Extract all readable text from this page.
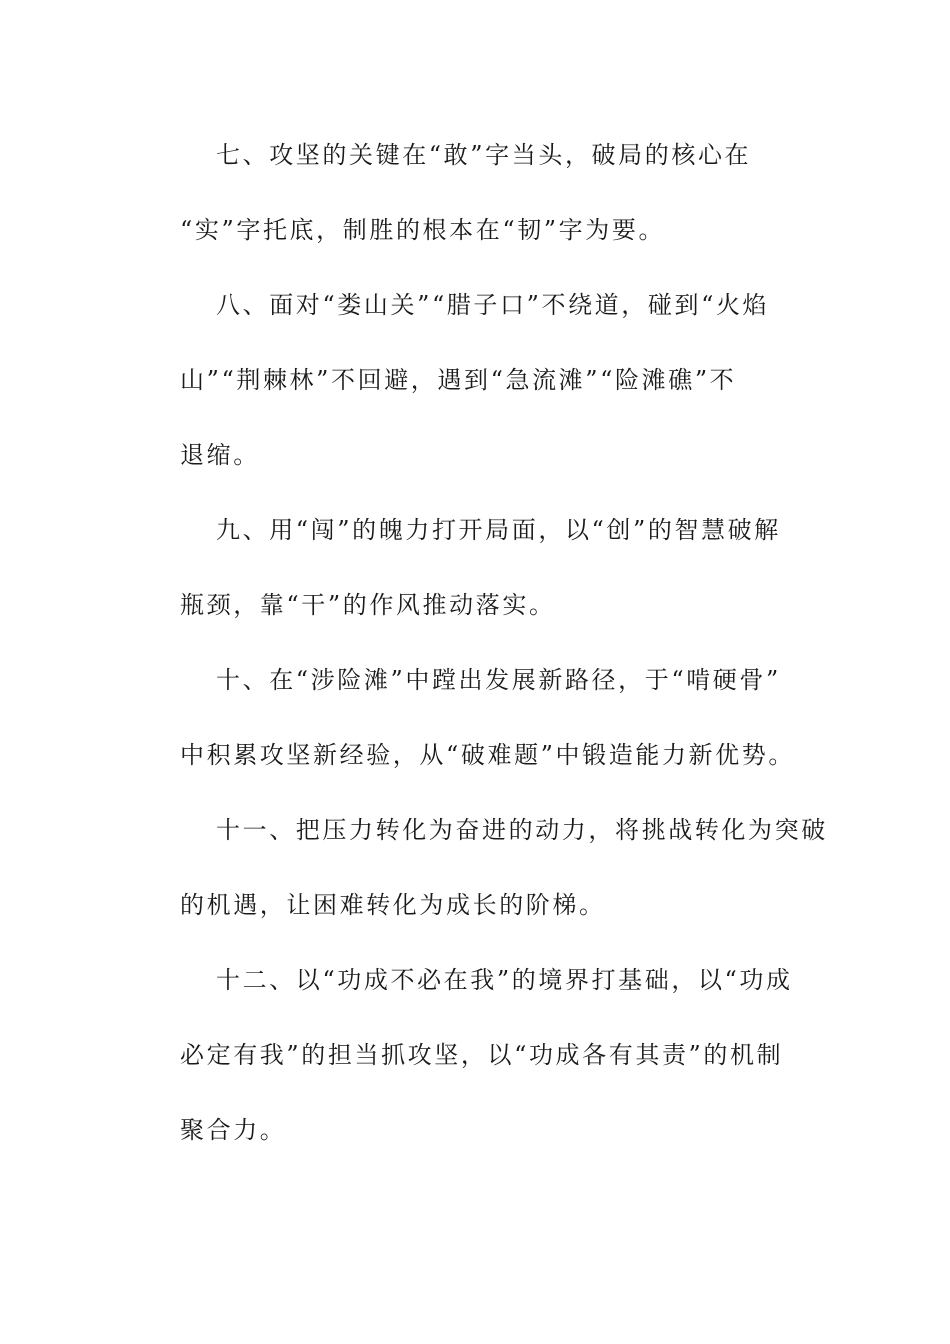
七、攻坚的关键在“敢”字当头，破局的核心在
“实”字托底，制胜的根本在“韧”字为要。
八、面对“娄山关”“腊子口”不绕道，碰到“火焰
山”“荆棘林”不回避，遇到“急流滩”“险滩礁”不
退缩。
九、用“闯”的魄力打开局面，以“创”的智慧破解
瓶颈，靠“干”的作风推动落实。
十、在“涉险滩”中蹚出发展新路径，于“啃硬骨”
中积累攻坚新经验，从“破难题”中锻造能力新优势。
十一、把压力转化为奋进的动力，将挑战转化为突破
的机遇，让困难转化为成长的阶梯。
十二、以“功成不必在我”的境界打基础，以“功成
必定有我”的担当抓攻坚，以“功成各有其责”的机制
聚合力。
